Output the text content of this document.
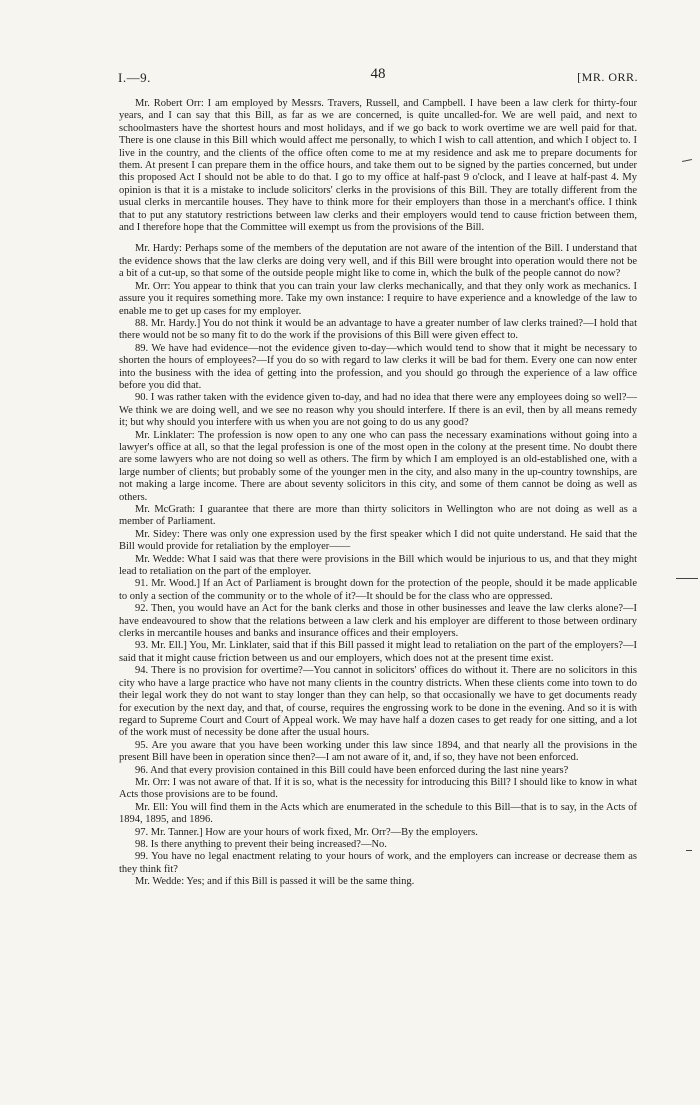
I.—9.	48	[MR. ORR.

Mr. Robert Orr: I am employed by Messrs. Travers, Russell, and Campbell. I have been a law clerk for thirty-four years, and I can say that this Bill, as far as we are concerned, is quite uncalled-for. We are well paid, and next to schoolmasters have the shortest hours and most holidays, and if we go back to work overtime we are well paid for that. There is one clause in this Bill which would affect me personally, to which I wish to call attention, and which I object to. I live in the country, and the clients of the office often come to me at my residence and ask me to prepare documents for them. At present I can prepare them in the office hours, and take them out to be signed by the parties concerned, but under this proposed Act I should not be able to do that. I go to my office at half-past 9 o'clock, and I leave at half-past 4. My opinion is that it is a mistake to include solicitors' clerks in the provisions of this Bill. They are totally different from the usual clerks in mercantile houses. They have to think more for their employers than those in a merchant's office. I think that to put any statutory restrictions between law clerks and their employers would tend to cause friction between them, and I therefore hope that the Committee will exempt us from the provisions of the Bill.

Mr. Hardy: Perhaps some of the members of the deputation are not aware of the intention of the Bill. I understand that the evidence shows that the law clerks are doing very well, and if this Bill were brought into operation would there not be a bit of a cut-up, so that some of the outside people might like to come in, which the bulk of the people cannot do now?

Mr. Orr: You appear to think that you can train your law clerks mechanically, and that they only work as mechanics. I assure you it requires something more. Take my own instance: I require to have experience and a knowledge of the law to enable me to get up cases for my employer.

88. Mr. Hardy.] You do not think it would be an advantage to have a greater number of law clerks trained?—I hold that there would not be so many fit to do the work if the provisions of this Bill were given effect to.

89. We have had evidence—not the evidence given to-day—which would tend to show that it might be necessary to shorten the hours of employees?—If you do so with regard to law clerks it will be bad for them. Every one can now enter into the business with the idea of getting into the profession, and you should go through the experience of a law office before you did that.

90. I was rather taken with the evidence given to-day, and had no idea that there were any employees doing so well?—We think we are doing well, and we see no reason why you should interfere. If there is an evil, then by all means remedy it; but why should you interfere with us when you are not going to do us any good?

Mr. Linklater: The profession is now open to any one who can pass the necessary examinations without going into a lawyer's office at all, so that the legal profession is one of the most open in the colony at the present time. No doubt there are some lawyers who are not doing so well as others. The firm by which I am employed is an old-established one, with a large number of clients; but probably some of the younger men in the city, and also many in the up-country townships, are not making a large income. There are about seventy solicitors in this city, and some of them cannot be doing as well as others.

Mr. McGrath: I guarantee that there are more than thirty solicitors in Wellington who are not doing as well as a member of Parliament.

Mr. Sidey: There was only one expression used by the first speaker which I did not quite understand. He said that the Bill would provide for retaliation by the employer——

Mr. Wedde: What I said was that there were provisions in the Bill which would be injurious to us, and that they might lead to retaliation on the part of the employer.

91. Mr. Wood.] If an Act of Parliament is brought down for the protection of the people, should it be made applicable to only a section of the community or to the whole of it?—It should be for the class who are oppressed.

92. Then, you would have an Act for the bank clerks and those in other businesses and leave the law clerks alone?—I have endeavoured to show that the relations between a law clerk and his employer are different to those between ordinary clerks in mercantile houses and banks and insurance offices and their employers.

93. Mr. Ell.] You, Mr. Linklater, said that if this Bill passed it might lead to retaliation on the part of the employers?—I said that it might cause friction between us and our employers, which does not at the present time exist.

94. There is no provision for overtime?—You cannot in solicitors' offices do without it. There are no solicitors in this city who have a large practice who have not many clients in the country districts. When these clients come into town to do their legal work they do not want to stay longer than they can help, so that occasionally we have to get documents ready for execution by the next day, and that, of course, requires the engrossing work to be done in the evening. And so it is with regard to Supreme Court and Court of Appeal work. We may have half a dozen cases to get ready for one sitting, and a lot of the work must of necessity be done after the usual hours.

95. Are you aware that you have been working under this law since 1894, and that nearly all the provisions in the present Bill have been in operation since then?—I am not aware of it, and, if so, they have not been enforced.

96. And that every provision contained in this Bill could have been enforced during the last nine years?

Mr. Orr: I was not aware of that. If it is so, what is the necessity for introducing this Bill? I should like to know in what Acts those provisions are to be found.

Mr. Ell: You will find them in the Acts which are enumerated in the schedule to this Bill—that is to say, in the Acts of 1894, 1895, and 1896.

97. Mr. Tanner.] How are your hours of work fixed, Mr. Orr?—By the employers.

98. Is there anything to prevent their being increased?—No.

99. You have no legal enactment relating to your hours of work, and the employers can increase or decrease them as they think fit?

Mr. Wedde: Yes; and if this Bill is passed it will be the same thing.
